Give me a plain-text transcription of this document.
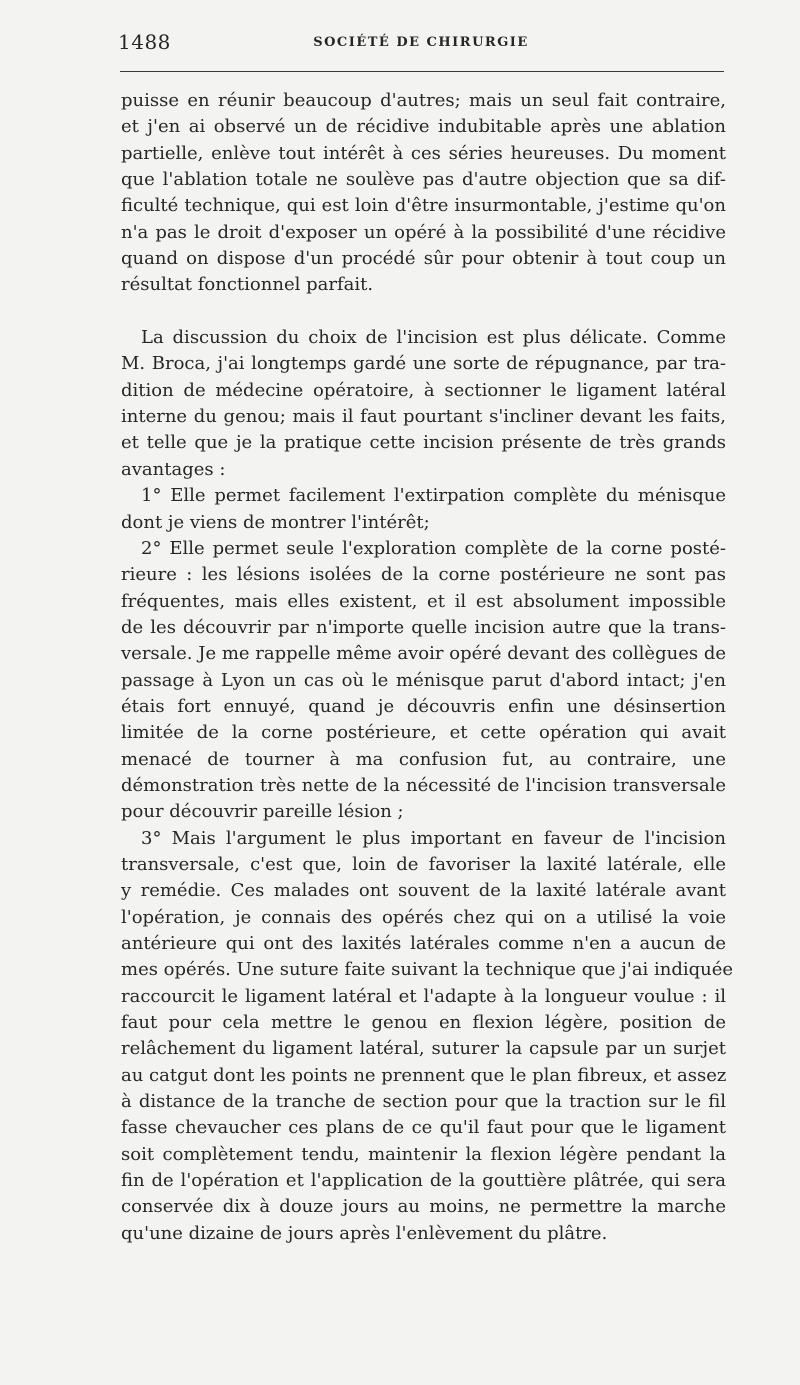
1488	SOCIÉTÉ DE CHIRURGIE
puisse en réunir beaucoup d'autres; mais un seul fait contraire,
et j'en ai observé un de récidive indubitable après une ablation
partielle, enlève tout intérêt à ces séries heureuses. Du moment
que l'ablation totale ne soulève pas d'autre objection que sa dif-
ficulté technique, qui est loin d'être insurmontable, j'estime qu'on
n'a pas le droit d'exposer un opéré à la possibilité d'une récidive
quand on dispose d'un procédé sûr pour obtenir à tout coup un
résultat fonctionnel parfait.
La discussion du choix de l'incision est plus délicate. Comme
M. Broca, j'ai longtemps gardé une sorte de répugnance, par tra-
dition de médecine opératoire, à sectionner le ligament latéral
interne du genou; mais il faut pourtant s'incliner devant les faits,
et telle que je la pratique cette incision présente de très grands
avantages :
1° Elle permet facilement l'extirpation complète du ménisque
dont je viens de montrer l'intérêt;
2° Elle permet seule l'exploration complète de la corne posté-
rieure : les lésions isolées de la corne postérieure ne sont pas
fréquentes, mais elles existent, et il est absolument impossible
de les découvrir par n'importe quelle incision autre que la trans-
versale. Je me rappelle même avoir opéré devant des collègues de
passage à Lyon un cas où le ménisque parut d'abord intact; j'en
étais fort ennuyé, quand je découvris enfin une désinsertion
limitée de la corne postérieure, et cette opération qui avait
menacé de tourner à ma confusion fut, au contraire, une
démonstration très nette de la nécessité de l'incision transversale
pour découvrir pareille lésion ;
3° Mais l'argument le plus important en faveur de l'incision
transversale, c'est que, loin de favoriser la laxité latérale, elle
y remédie. Ces malades ont souvent de la laxité latérale avant
l'opération, je connais des opérés chez qui on a utilisé la voie
antérieure qui ont des laxités latérales comme n'en a aucun de
mes opérés. Une suture faite suivant la technique que j'ai indiquée
raccourcit le ligament latéral et l'adapte à la longueur voulue : il
faut pour cela mettre le genou en flexion légère, position de
relâchement du ligament latéral, suturer la capsule par un surjet
au catgut dont les points ne prennent que le plan fibreux, et assez
à distance de la tranche de section pour que la traction sur le fil
fasse chevaucher ces plans de ce qu'il faut pour que le ligament
soit complètement tendu, maintenir la flexion légère pendant la
fin de l'opération et l'application de la gouttière plâtrée, qui sera
conservée dix à douze jours au moins, ne permettre la marche
qu'une dizaine de jours après l'enlèvement du plâtre.
